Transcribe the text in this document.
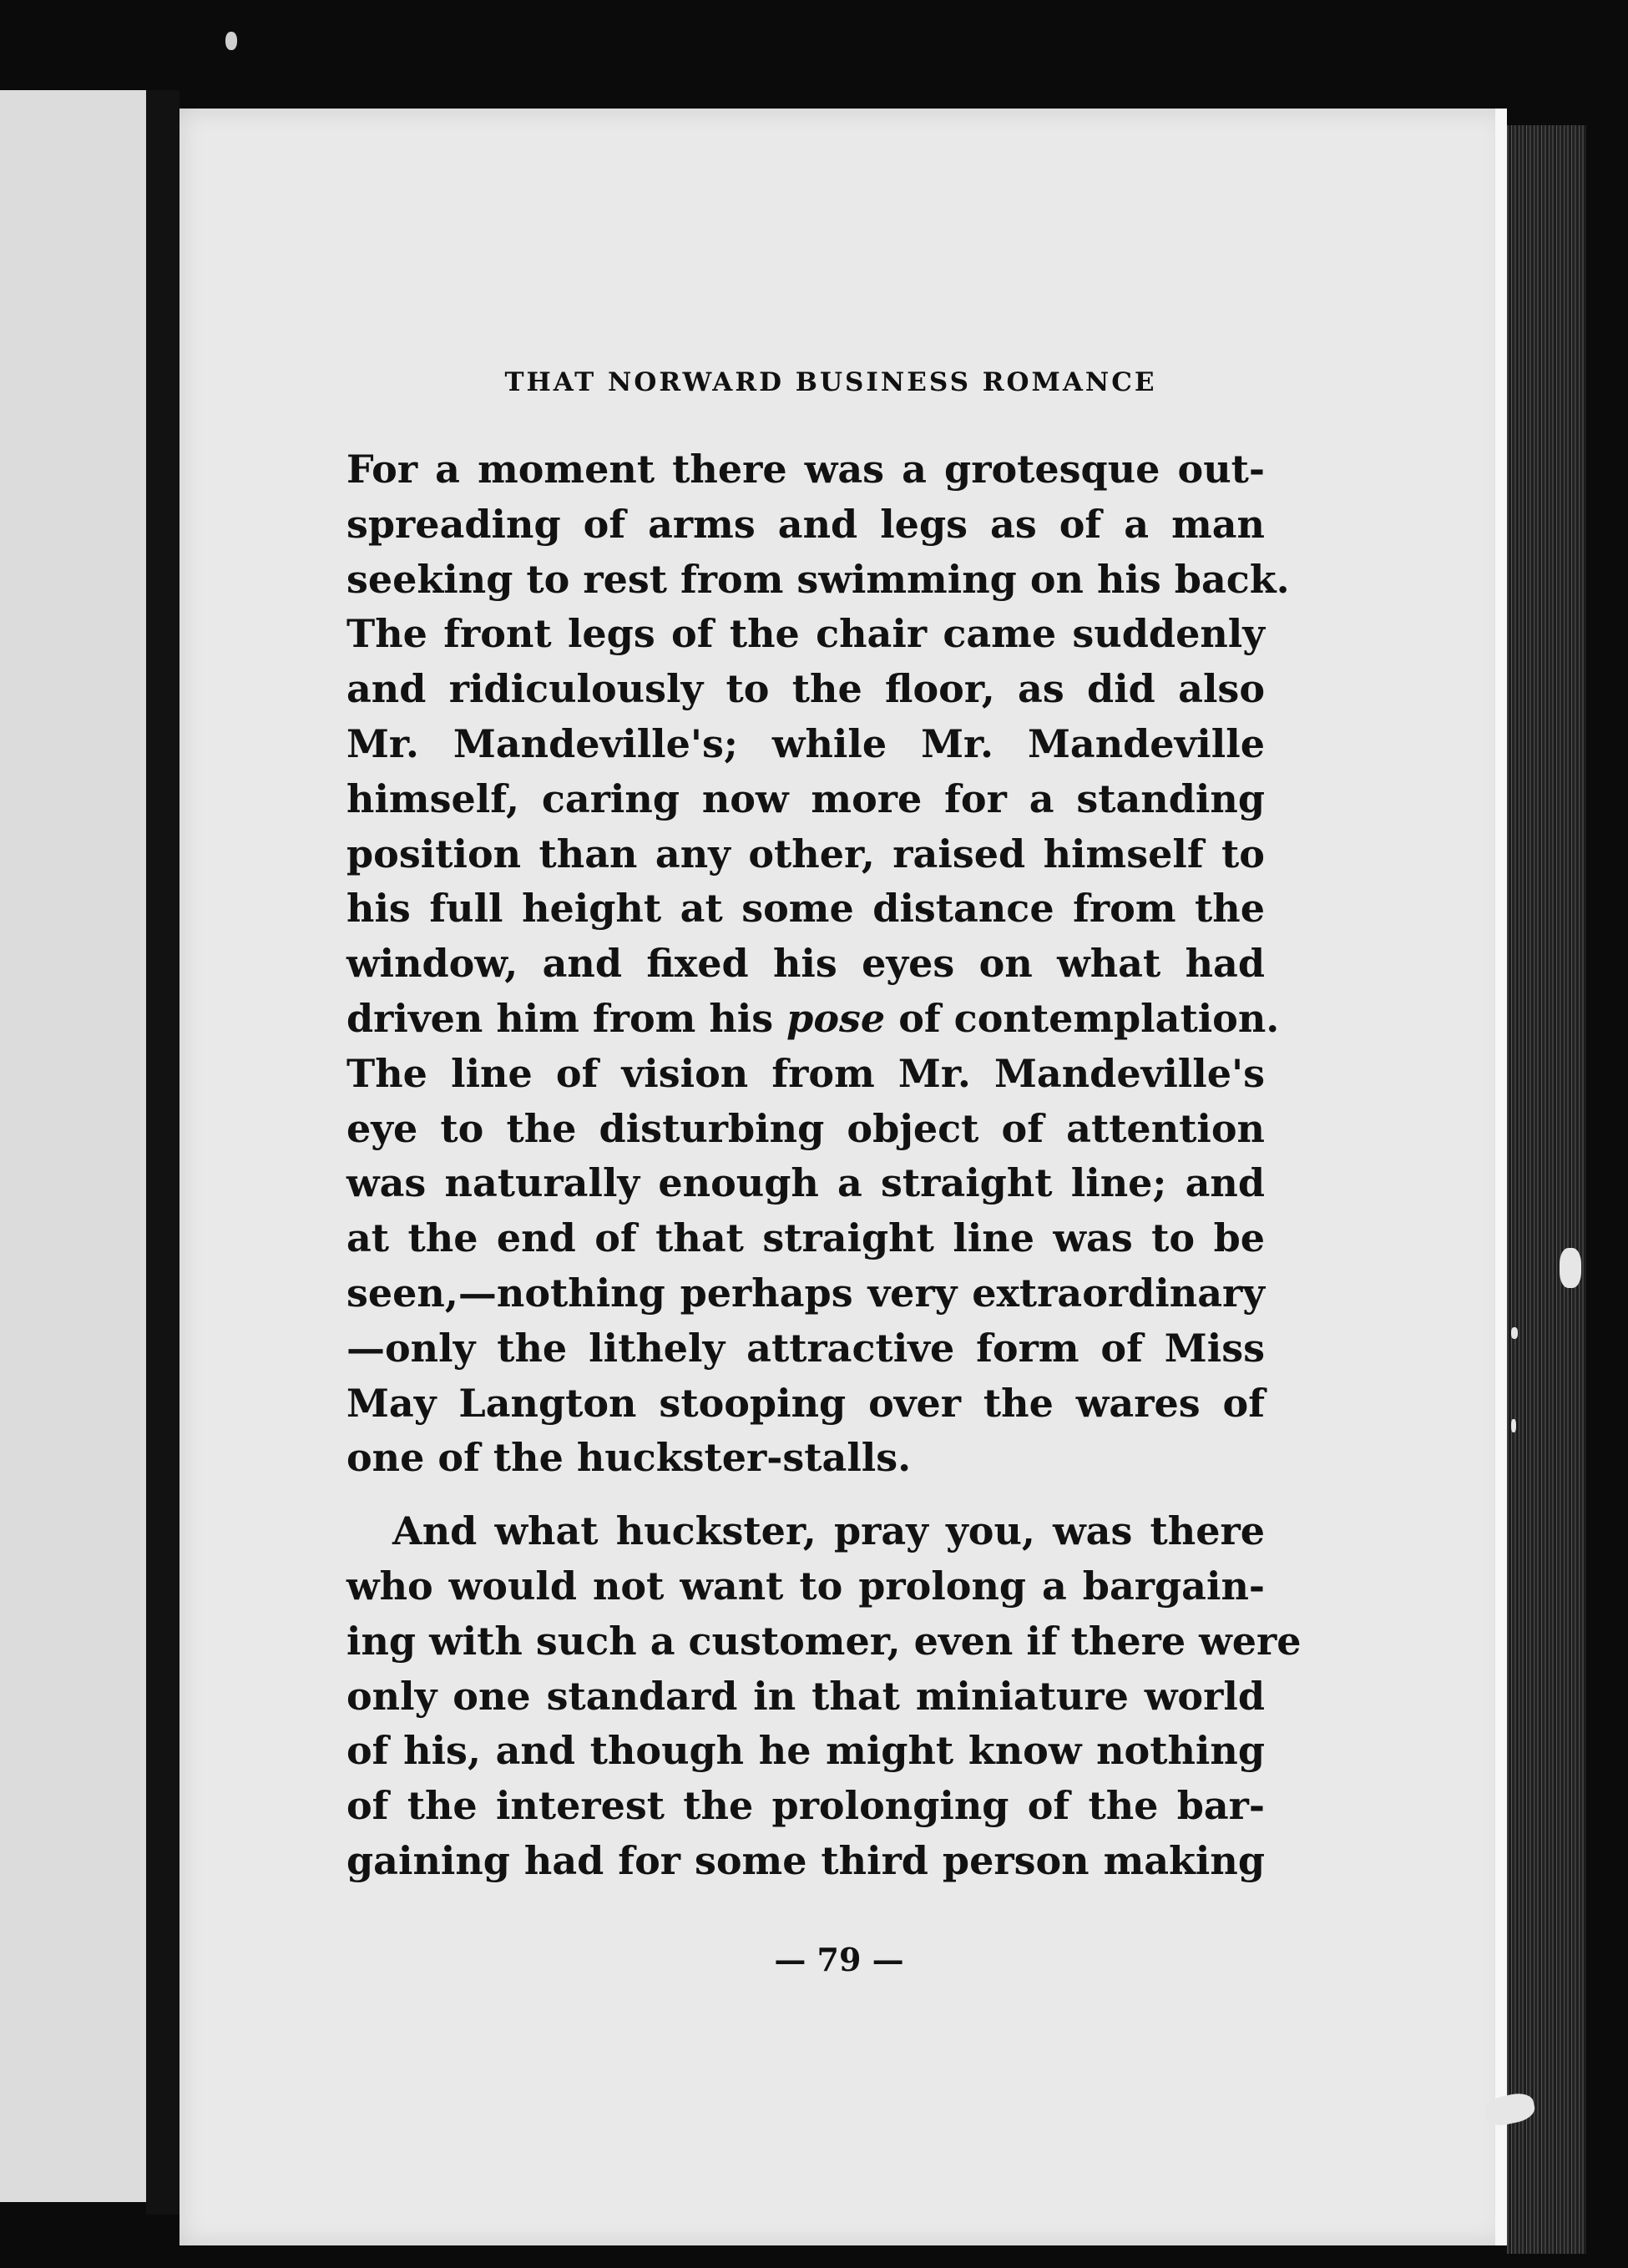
THAT NORWARD BUSINESS ROMANCE
For a moment there was a grotesque out-
spreading of arms and legs as of a man
seeking to rest from swimming on his back.
The front legs of the chair came suddenly
and ridiculously to the floor, as did also
Mr. Mandeville's; while Mr. Mandeville
himself, caring now more for a standing
position than any other, raised himself to
his full height at some distance from the
window, and fixed his eyes on what had
driven him from his pose of contemplation.
The line of vision from Mr. Mandeville's
eye to the disturbing object of attention
was naturally enough a straight line; and
at the end of that straight line was to be
seen,—nothing perhaps very extraordinary
—only the lithely attractive form of Miss
May Langton stooping over the wares of
one of the huckster-stalls.
And what huckster, pray you, was there
who would not want to prolong a bargain-
ing with such a customer, even if there were
only one standard in that miniature world
of his, and though he might know nothing
of the interest the prolonging of the bar-
gaining had for some third person making
— 79 —
